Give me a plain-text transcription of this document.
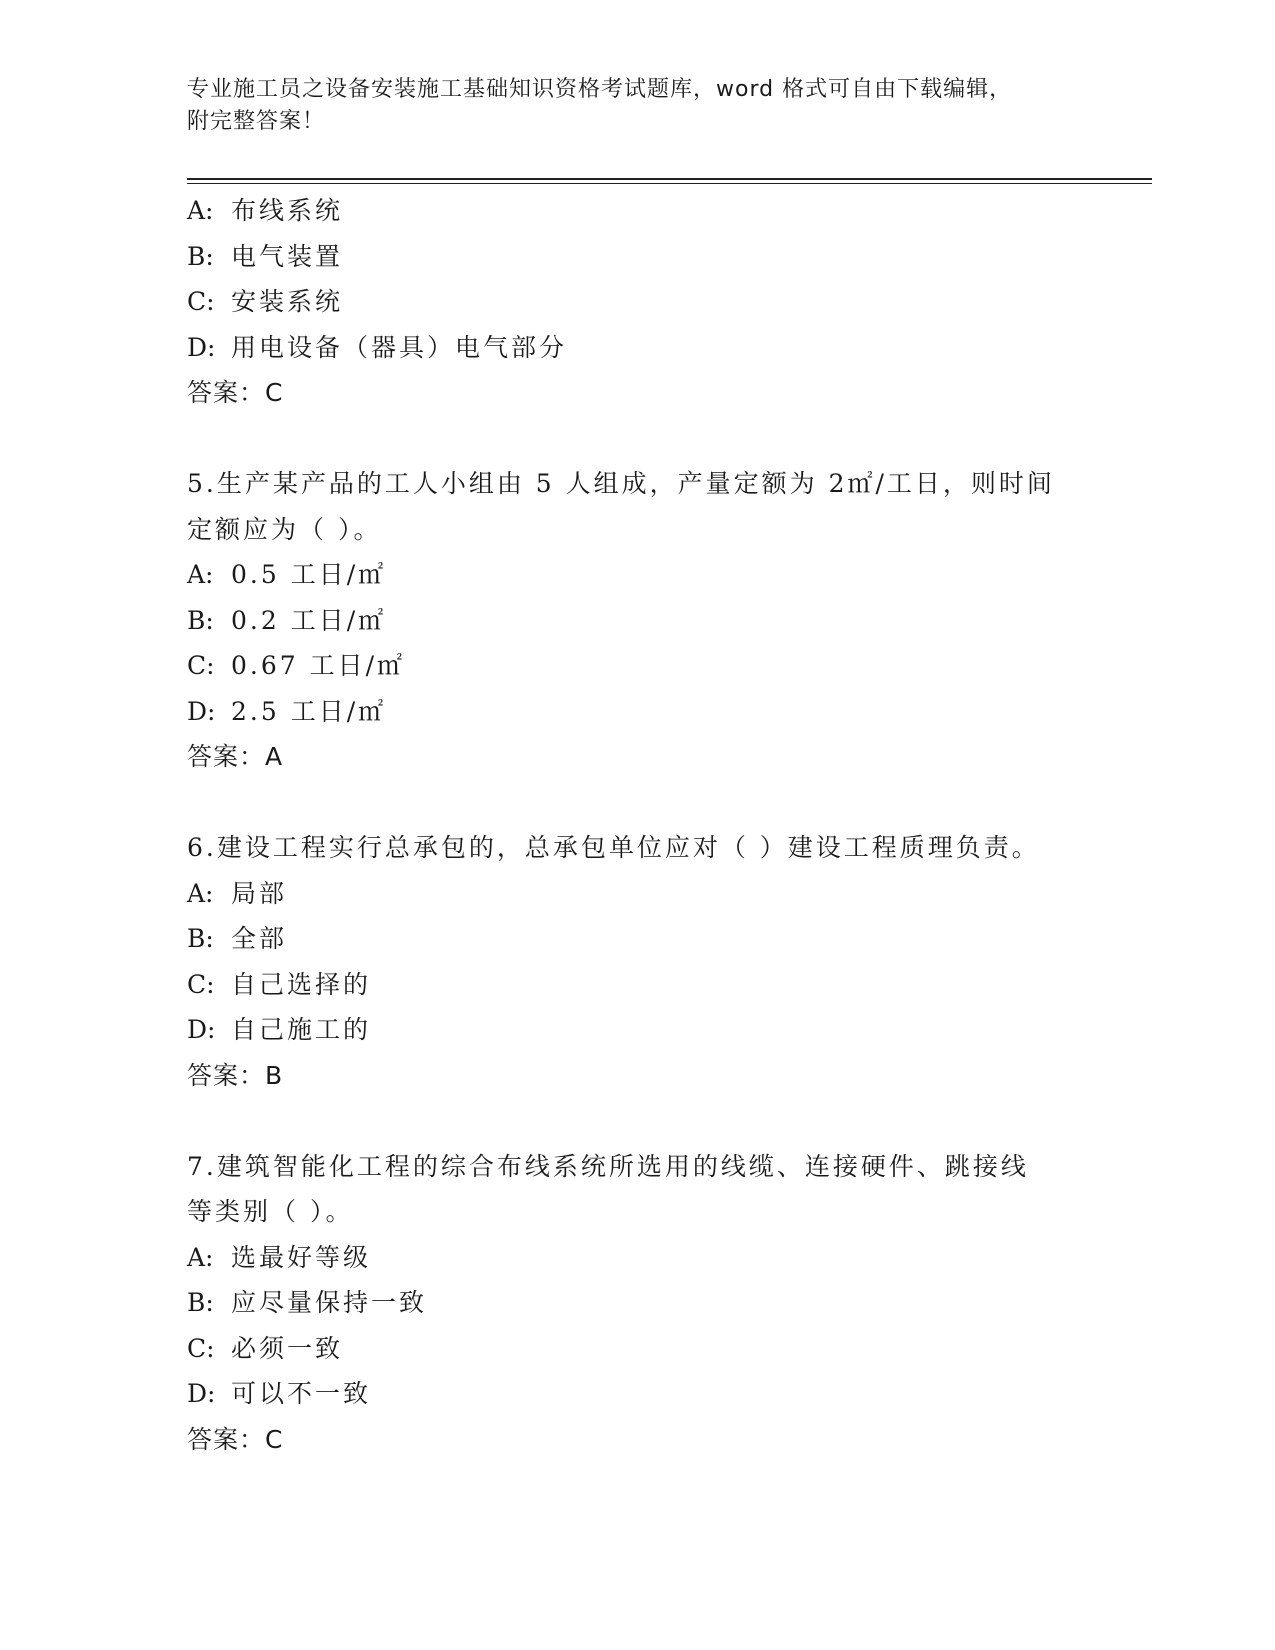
专业施工员之设备安装施工基础知识资格考试题库，word 格式可自由下载编辑，
附完整答案！
A: 布线系统
B: 电气装置
C: 安装系统
D: 用电设备（器具）电气部分
答案：C
5.生产某产品的工人小组由 5 人组成，产量定额为 2㎡/工日，则时间
定额应为（ ）。
A: 0.5 工日/㎡
B: 0.2 工日/㎡
C: 0.67 工日/㎡
D: 2.5 工日/㎡
答案：A
6.建设工程实行总承包的，总承包单位应对（ ）建设工程质理负责。
A: 局部
B: 全部
C: 自己选择的
D: 自己施工的
答案：B
7.建筑智能化工程的综合布线系统所选用的线缆、连接硬件、跳接线
等类别（ ）。
A: 选最好等级
B: 应尽量保持一致
C: 必须一致
D: 可以不一致
答案：C
